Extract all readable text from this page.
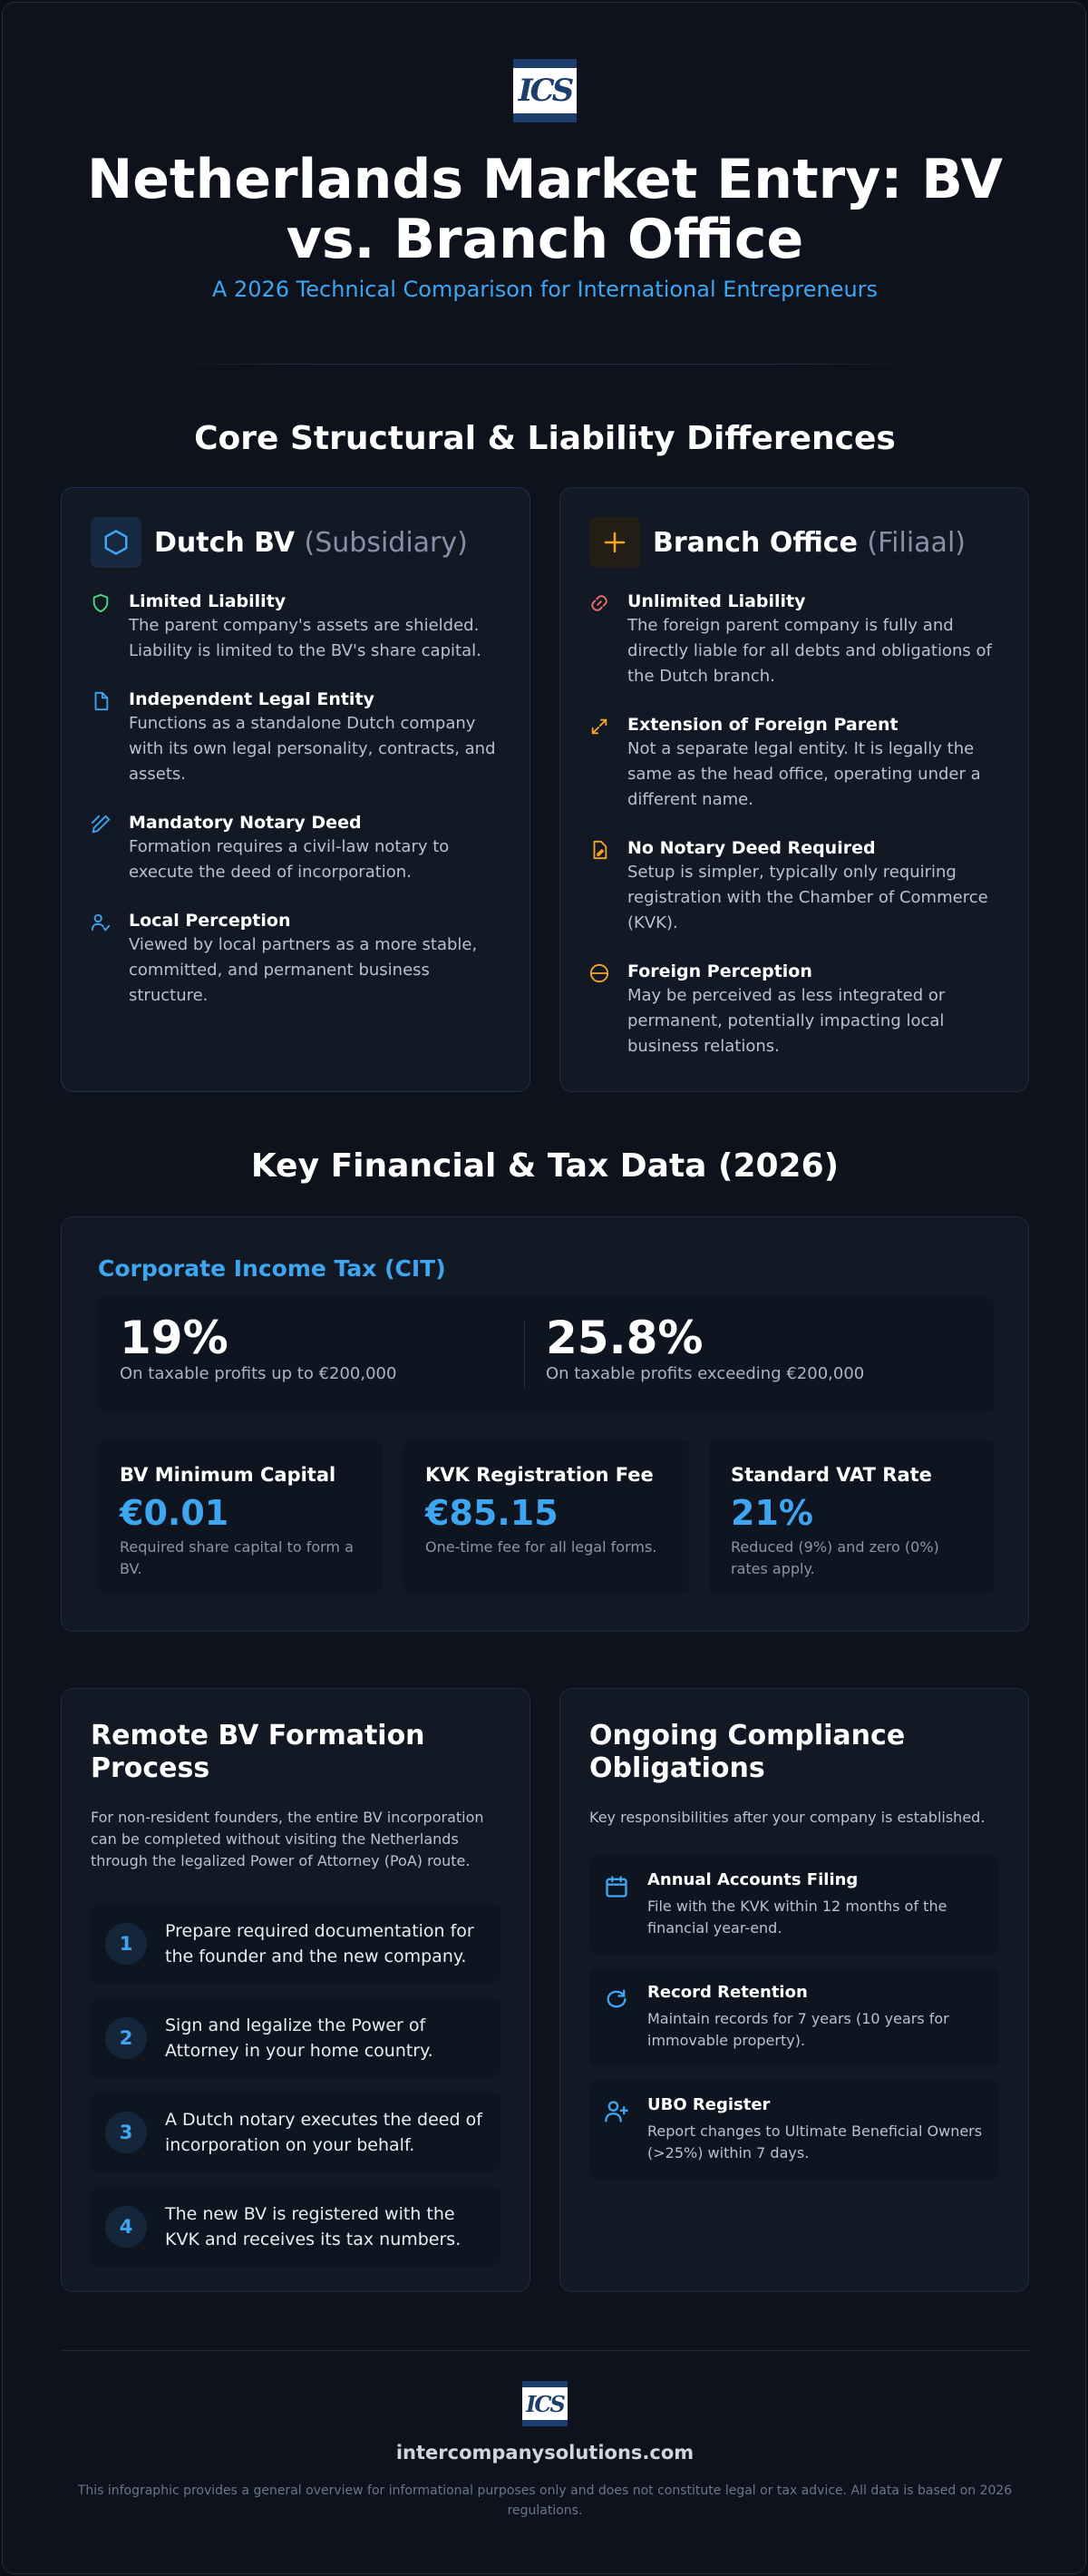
ICS
Netherlands Market Entry: BV
vs. Branch Office
A 2026 Technical Comparison for International Entrepreneurs
Core Structural & Liability Differences
Dutch BV (Subsidiary)
Limited Liability
The parent company's assets are shielded. Liability is limited to the BV's share capital.
Independent Legal Entity
Functions as a standalone Dutch company with its own legal personality, contracts, and assets.
Mandatory Notary Deed
Formation requires a civil-law notary to execute the deed of incorporation.
Local Perception
Viewed by local partners as a more stable, committed, and permanent business structure.
Branch Office (Filiaal)
Unlimited Liability
The foreign parent company is fully and directly liable for all debts and obligations of the Dutch branch.
Extension of Foreign Parent
Not a separate legal entity. It is legally the same as the head office, operating under a different name.
No Notary Deed Required
Setup is simpler, typically only requiring registration with the Chamber of Commerce (KVK).
Foreign Perception
May be perceived as less integrated or permanent, potentially impacting local business relations.
Key Financial & Tax Data (2026)
Corporate Income Tax (CIT)
19%
On taxable profits up to €200,000
25.8%
On taxable profits exceeding €200,000
BV Minimum Capital
€0.01
Required share capital to form a BV.
KVK Registration Fee
€85.15
One-time fee for all legal forms.
Standard VAT Rate
21%
Reduced (9%) and zero (0%) rates apply.
Remote BV Formation Process
For non-resident founders, the entire BV incorporation can be completed without visiting the Netherlands through the legalized Power of Attorney (PoA) route.
1
Prepare required documentation for the founder and the new company.
2
Sign and legalize the Power of Attorney in your home country.
3
A Dutch notary executes the deed of incorporation on your behalf.
4
The new BV is registered with the KVK and receives its tax numbers.
Ongoing Compliance Obligations
Key responsibilities after your company is established.
Annual Accounts Filing
File with the KVK within 12 months of the financial year-end.
Record Retention
Maintain records for 7 years (10 years for immovable property).
UBO Register
Report changes to Ultimate Beneficial Owners (>25%) within 7 days.
ICS
intercompanysolutions.com
This infographic provides a general overview for informational purposes only and does not constitute legal or tax advice. All data is based on 2026 regulations.
